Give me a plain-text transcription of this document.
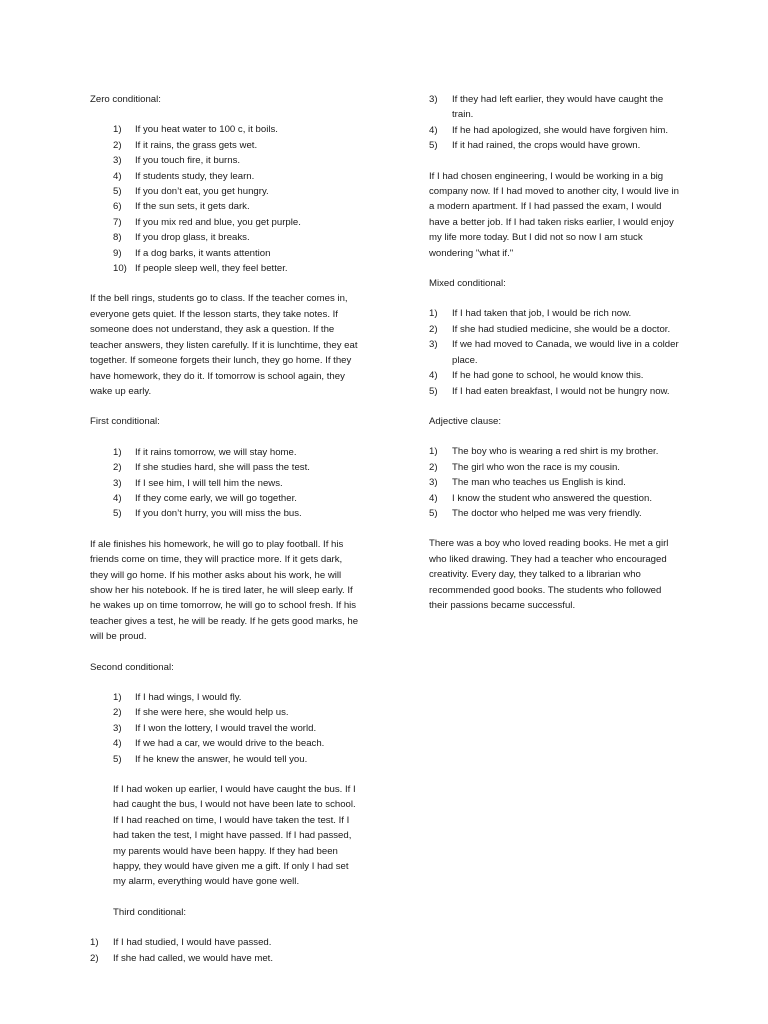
Zero conditional:

1) If you heat water to 100 c, it boils.
2) If it rains, the grass gets wet.
3) If you touch fire, it burns.
4) If students study, they learn.
5) If you don’t eat, you get hungry.
6) If the sun sets, it gets dark.
7) If you mix red and blue, you get purple.
8) If you drop glass, it breaks.
9) If a dog barks, it wants attention
10) If people sleep well, they feel better.

If the bell rings, students go to class. If the teacher comes in, everyone gets quiet. If the lesson starts, they take notes. If someone does not understand, they ask a question. If the teacher answers, they listen carefully. If it is lunchtime, they eat together. If someone forgets their lunch, they go home. If they have homework, they do it. If tomorrow is school again, they wake up early.

First conditional:

1) If it rains tomorrow, we will stay home.
2) If she studies hard, she will pass the test.
3) If I see him, I will tell him the news.
4) If they come early, we will go together.
5) If you don’t hurry, you will miss the bus.

If ale finishes his homework, he will go to play football. If his friends come on time, they will practice more. If it gets dark, they will go home. If his mother asks about his work, he will show her his notebook. If he is tired later, he will sleep early. If he wakes up on time tomorrow, he will go to school fresh. If his teacher gives a test, he will be ready. If he gets good marks, he will be proud.

Second conditional:

1) If I had wings, I would fly.
2) If she were here, she would help us.
3) If I won the lottery, I would travel the world.
4) If we had a car, we would drive to the beach.
5) If he knew the answer, he would tell you.

If I had woken up earlier, I would have caught the bus. If I had caught the bus, I would not have been late to school. If I had reached on time, I would have taken the test. If I had taken the test, I might have passed. If I had passed, my parents would have been happy. If they had been happy, they would have given me a gift. If only I had set my alarm, everything would have gone well.

Third conditional:

1) If I had studied, I would have passed.
2) If she had called, we would have met.
3) If they had left earlier, they would have caught the train.
4) If he had apologized, she would have forgiven him.
5) If it had rained, the crops would have grown.

If I had chosen engineering, I would be working in a big company now. If I had moved to another city, I would live in a modern apartment. If I had passed the exam, I would have a better job. If I had taken risks earlier, I would enjoy my life more today. But I did not so now I am stuck wondering "what if."

Mixed conditional:

1) If I had taken that job, I would be rich now.
2) If she had studied medicine, she would be a doctor.
3) If we had moved to Canada, we would live in a colder place.
4) If he had gone to school, he would know this.
5) If I had eaten breakfast, I would not be hungry now.

Adjective clause:

1) The boy who is wearing a red shirt is my brother.
2) The girl who won the race is my cousin.
3) The man who teaches us English is kind.
4) I know the student who answered the question.
5) The doctor who helped me was very friendly.

There was a boy who loved reading books. He met a girl who liked drawing. They had a teacher who encouraged creativity. Every day, they talked to a librarian who recommended good books. The students who followed their passions became successful.
